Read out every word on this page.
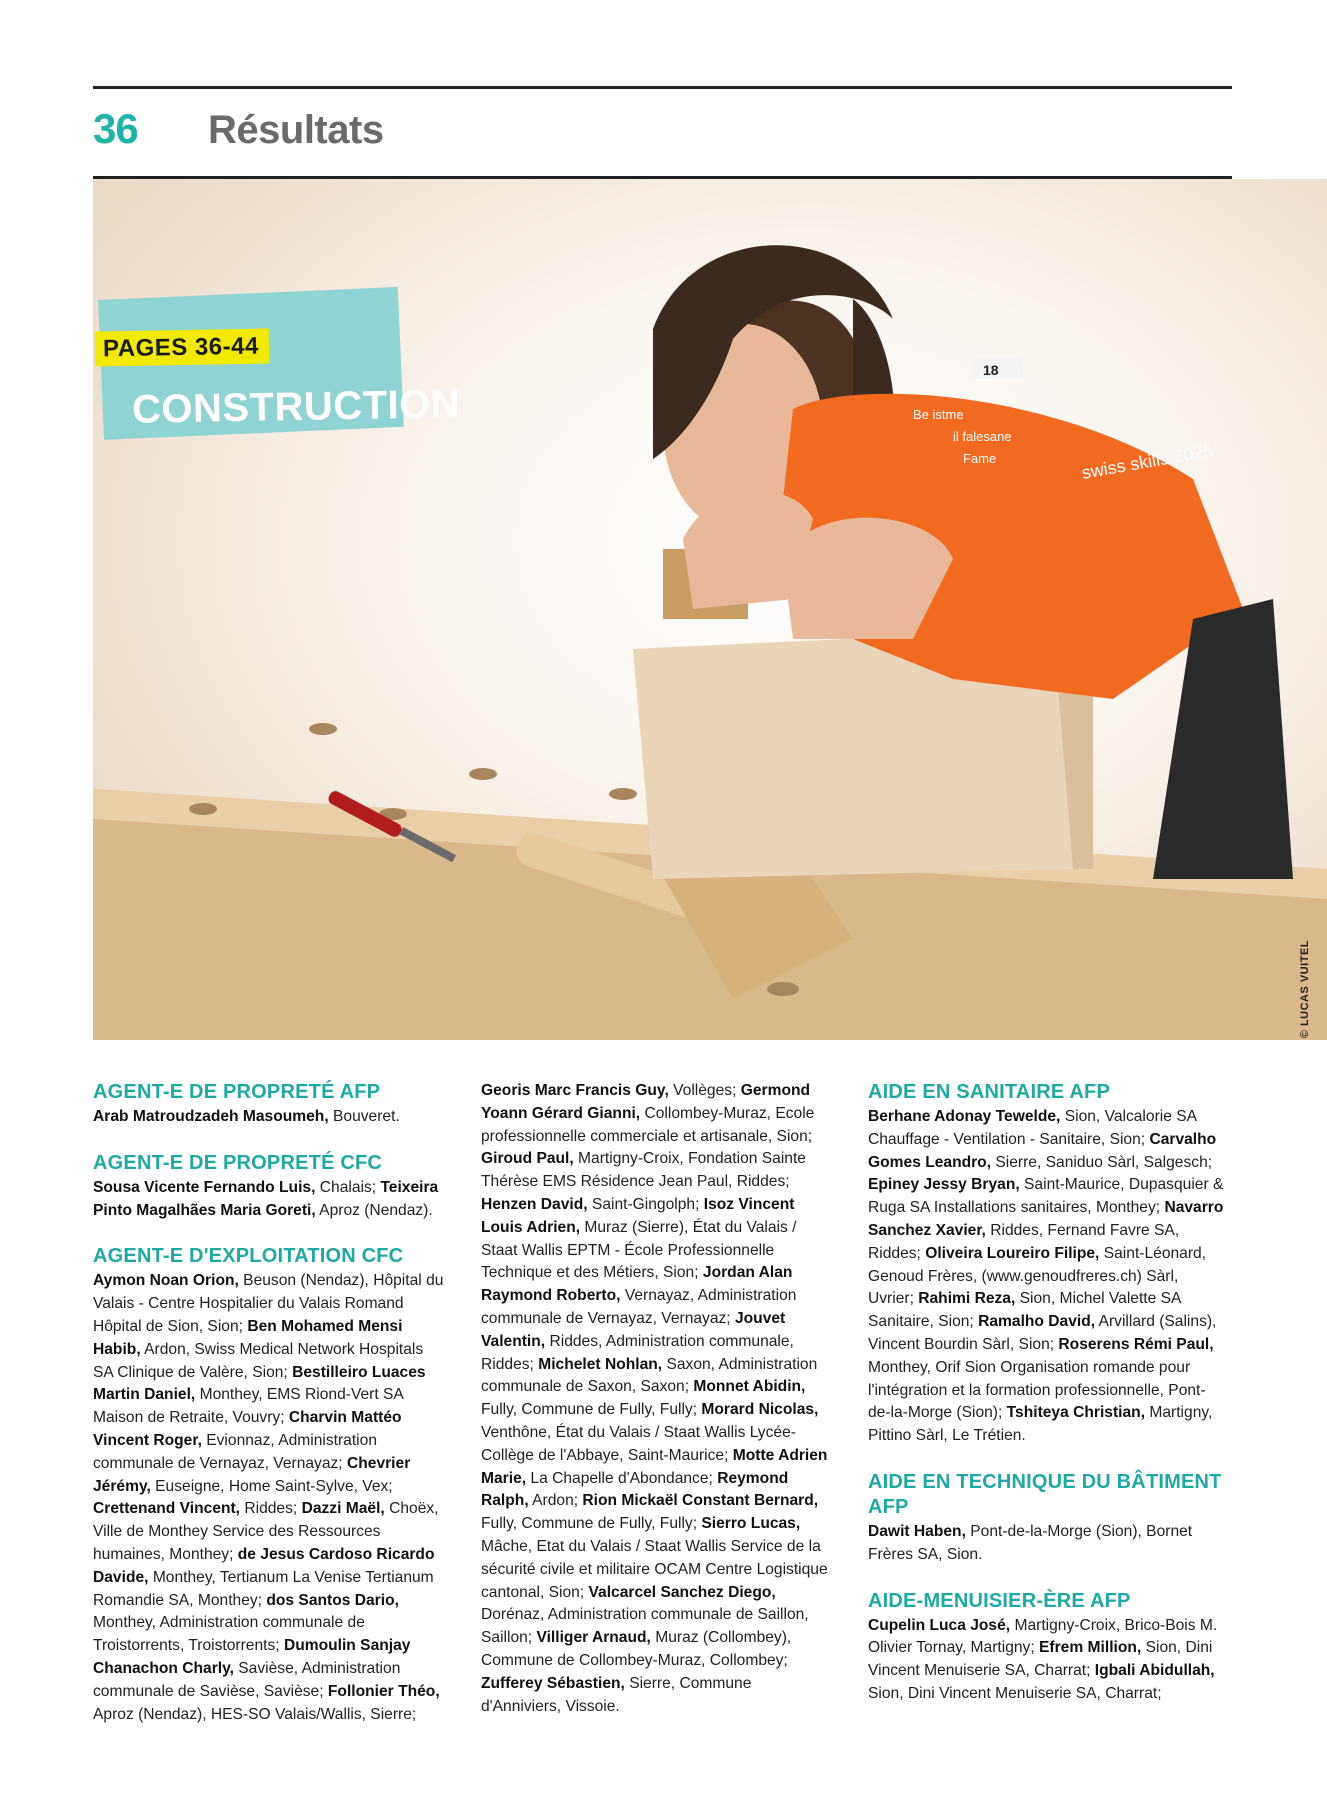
36 Résultats
18
Be istme
il falesane
Fame	swiss skills 2025
© LUCAS VUITEL
PAGES 36-44
CONSTRUCTION
AGENT-E DE PROPRETÉ AFP
Arab Matroudzadeh Masoumeh, Bouveret.
AGENT-E DE PROPRETÉ CFC
Sousa Vicente Fernando Luis, Chalais; Teixeira Pinto Magalhães Maria Goreti, Aproz (Nendaz).
AGENT-E D'EXPLOITATION CFC
Aymon Noan Orion, Beuson (Nendaz), Hôpital du Valais - Centre Hospitalier du Valais Romand Hôpital de Sion, Sion; Ben Mohamed Mensi Habib, Ardon, Swiss Medical Network Hospitals SA Clinique de Valère, Sion; Bestilleiro Luaces Martin Daniel, Monthey, EMS Riond-Vert SA Maison de Retraite, Vouvry; Charvin Mattéo Vincent Roger, Evionnaz, Administration communale de Vernayaz, Vernayaz; Chevrier Jérémy, Euseigne, Home Saint-Sylve, Vex; Crettenand Vincent, Riddes; Dazzi Maël, Choëx, Ville de Monthey Service des Ressources humaines, Monthey; de Jesus Cardoso Ricardo Davide, Monthey, Tertianum La Venise Tertianum Romandie SA, Monthey; dos Santos Dario, Monthey, Administration communale de Troistorrents, Troistorrents; Dumoulin Sanjay Chanachon Charly, Savièse, Administration communale de Savièse, Savièse; Follonier Théo, Aproz (Nendaz), HES-SO Valais/Wallis, Sierre;
Georis Marc Francis Guy, Vollèges; Germond Yoann Gérard Gianni, Collombey-Muraz, Ecole professionnelle commerciale et artisanale, Sion; Giroud Paul, Martigny-Croix, Fondation Sainte Thérèse EMS Résidence Jean Paul, Riddes; Henzen David, Saint-Gingolph; Isoz Vincent Louis Adrien, Muraz (Sierre), État du Valais / Staat Wallis EPTM - École Professionnelle Technique et des Métiers, Sion; Jordan Alan Raymond Roberto, Vernayaz, Administration communale de Vernayaz, Vernayaz; Jouvet Valentin, Riddes, Administration communale, Riddes; Michelet Nohlan, Saxon, Administration communale de Saxon, Saxon; Monnet Abidin, Fully, Commune de Fully, Fully; Morard Nicolas, Venthône, État du Valais / Staat Wallis Lycée-Collège de l'Abbaye, Saint-Maurice; Motte Adrien Marie, La Chapelle d'Abondance; Reymond Ralph, Ardon; Rion Mickaël Constant Bernard, Fully, Commune de Fully, Fully; Sierro Lucas, Mâche, Etat du Valais / Staat Wallis Service de la sécurité civile et militaire OCAM Centre Logistique cantonal, Sion; Valcarcel Sanchez Diego, Dorénaz, Administration communale de Saillon, Saillon; Villiger Arnaud, Muraz (Collombey), Commune de Collombey-Muraz, Collombey; Zufferey Sébastien, Sierre, Commune d'Anniviers, Vissoie.
AIDE EN SANITAIRE AFP
Berhane Adonay Tewelde, Sion, Valcalorie SA Chauffage - Ventilation - Sanitaire, Sion; Carvalho Gomes Leandro, Sierre, Saniduo Sàrl, Salgesch; Epiney Jessy Bryan, Saint-Maurice, Dupasquier & Ruga SA Installations sanitaires, Monthey; Navarro Sanchez Xavier, Riddes, Fernand Favre SA, Riddes; Oliveira Loureiro Filipe, Saint-Léonard, Genoud Frères, (www.genoudfreres.ch) Sàrl, Uvrier; Rahimi Reza, Sion, Michel Valette SA Sanitaire, Sion; Ramalho David, Arvillard (Salins), Vincent Bourdin Sàrl, Sion; Roserens Rémi Paul, Monthey, Orif Sion Organisation romande pour l'intégration et la formation professionnelle, Pont-de-la-Morge (Sion); Tshiteya Christian, Martigny, Pittino Sàrl, Le Trétien.
AIDE EN TECHNIQUE DU BÂTIMENT AFP
Dawit Haben, Pont-de-la-Morge (Sion), Bornet Frères SA, Sion.
AIDE-MENUISIER-ÈRE AFP
Cupelin Luca José, Martigny-Croix, Brico-Bois M. Olivier Tornay, Martigny; Efrem Million, Sion, Dini Vincent Menuiserie SA, Charrat; Igbali Abidullah, Sion, Dini Vincent Menuiserie SA, Charrat;
